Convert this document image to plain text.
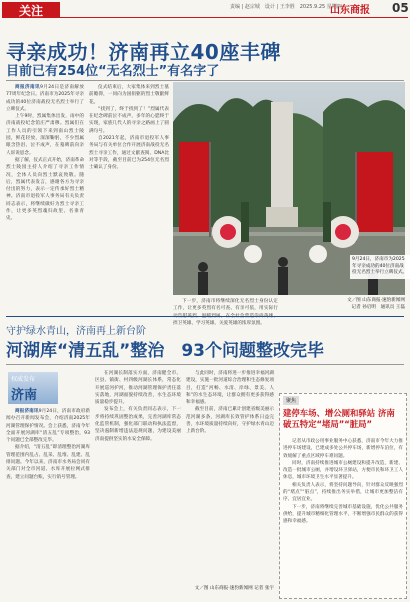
关注	责编 | 赵宗城　设计 | 王李胜　2025.9.25 星期四
山东商报 05
寻亲成功！济南再立40座丰碑
目前已有254位“无名烈士”有名字了

商报济南讯9月24日是济南解放77周年纪念日。济南市为2025年寻亲成功的40位济南战役无名烈士举行了立碑仪式。

上午9时，烈属集体出发，雨中的济南战役纪念馆庄严肃穆。烈属们在工作人员的引领下来到南山烈士陵园，鲜花轻放，深深鞠躬，不少烈属眼含热泪、泣不成声，在墓碑前向亲人诉说思念。

据了解，仪式正式开始，济南革命烈士陵园主持人介绍了寻亲工作情况，全体人员向烈士默哀致敬。随后，烈属代表发言，感谢各方为寻亲付出的努力，表示一定传承好烈士精神。济南市退役军人事务局有关负责同志表示，将继续做好为烈士寻亲工作，让更多英烈魂归故里、名垂青史。

仪式结束后，大家集体来到烈士墓前瞻仰，一同向为国捐躯的烈士敬献鲜花。

“找到了，终于找到了！”烈属代表在纪念碑前泣不成声，多年的心愿终于实现，家族几代人的寻亲之路画上了圆满句号。

自2021年起，济南市退役军人事务局与有关单位合作开展济南战役无名烈士寻亲工作，通过文献查阅、DNA比对等手段，截至目前已为254位无名烈士确认了身份。

下一步，济南市将继续深化无名烈士身份认定工作，让更多英烈有名可查、有亲可依，用实际行 捍卫英雄、学习英雄、关爱英雄的浓厚氛围。

文／图 山东商报·速豹新闻网
记者 孙启明　通讯员 王磊
9月24日，济南市为2025年寻亲成功的40位济南战役无名烈士举行立碑仪式。
守护绿水青山，济南再上新台阶
河湖库“清五乱”整治　93个问题整改完毕
权威发布
济南

商报济南讯9月24日，济南市政府新闻办召开新闻发布会，介绍济南2025年河湖管理保护情况。会上获悉，济南今年全面开展河湖库“清五乱”专项整治，93个问题已全部整改完毕。

据介绍，“清五乱”即清理整治河湖库管理范围内乱占、乱采、乱堆、乱建、乱排问题。今年以来，济南市水务局会同有关部门对全市河道、水库开展拉网式排查，建立问题台账，实行销号管理。

在河湖长制落实方面，济南健全市、区县、镇街、村四级河湖长体系，常态化开展巡河护河，推动河湖管理保护责任落实落地，河湖面貌持续改善，水生态环境质量稳步提升。

发布会上，有关负责同志表示，下一步将持续巩固整治成果，完善河湖库常态化监管机制，强化部门联动和执法监督，坚决遏制新增违法违规问题，为建设美丽济南提供坚实的水安全保障。

与此同时，济南将进一步推进幸福河湖建设，实施一批河道综合治理和生态修复项目，打造“河畅、水清、岸绿、景美、人和”的水生态环境，让群众拥有更多获得感和幸福感。

截至目前，济南已累计创建省级美丽示范河湖多条，河湖库长效管护体系日益完善，水环境质量持续向好，守护绿水青山迈上新台阶。

文／图 山东商报·速豹新闻网 记者 张宇
聚焦
建停车场、增公厕和驿站 济南破五特定“堵局”“脏局”

记者从市政公用事业服务中心获悉，济南市今年大力推进停车场建设，已建成多处公共停车场，新增停车泊位，有效缓解了重点区域停车难问题。

同时，济南持续推进城市公厕建设和提升改造，新建、改造一批城市公厕，并增设环卫驿站，方便市民和环卫工人休息，城市环境卫生水平显著提升。

相关负责人表示，将坚持问题导向，针对群众反映强烈的“堵点”“脏点”，持续推出务实举措，让城市更加整洁有序、宜居宜业。

下一步，济南将继续完善城市基础设施，优化公共服务供给，提升城市精细化管理水平，不断增强市民群众的获得感和幸福感。
